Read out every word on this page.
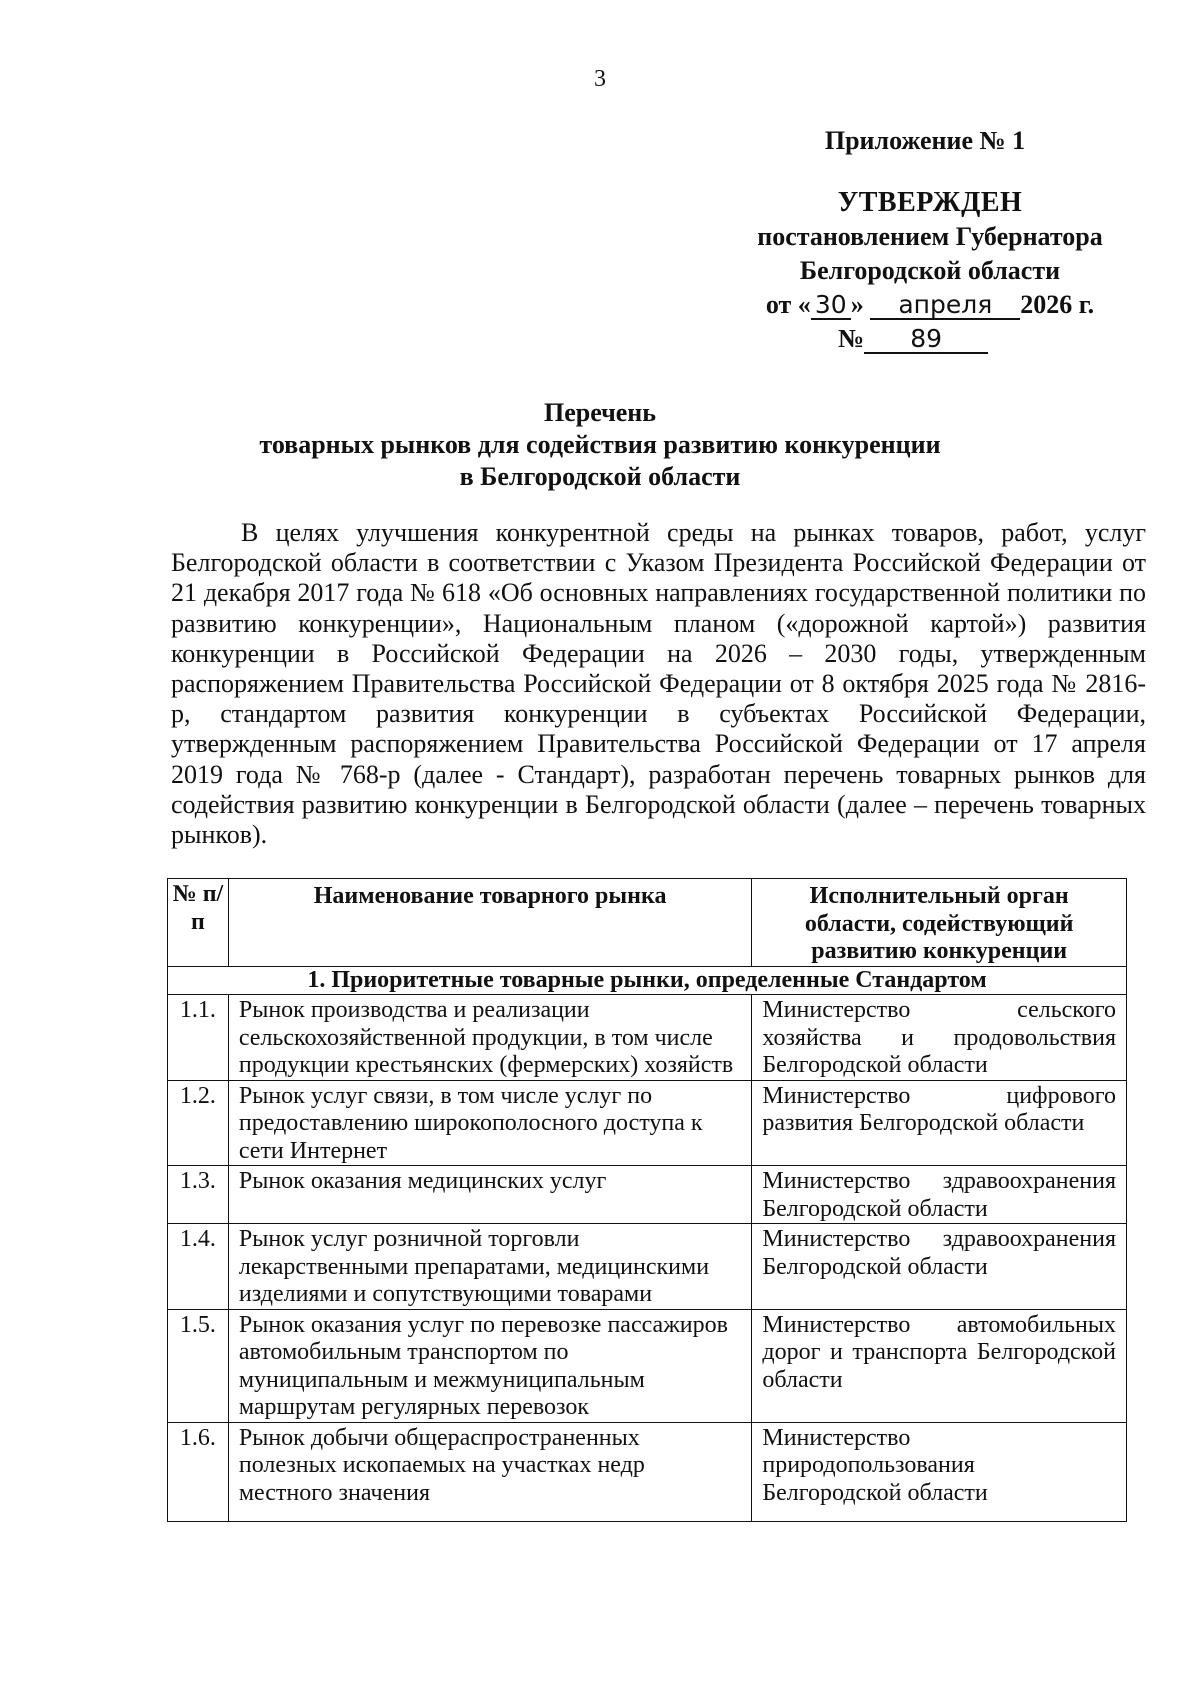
3
Приложение № 1
УТВЕРЖДЕН
постановлением Губернатора
Белгородской области
от « 30 » апреля 2026 г.
№ 89
Перечень
товарных рынков для содействия развитию конкуренции
в Белгородской области

В целях улучшения конкурентной среды на рынках товаров, работ, услуг Белгородской области в соответствии с Указом Президента Российской Федерации от 21 декабря 2017 года № 618 «Об основных направлениях государственной политики по развитию конкуренции», Национальным планом («дорожной картой») развития конкуренции в Российской Федерации на 2026 – 2030 годы, утвержденным распоряжением Правительства Российской Федерации от 8 октября 2025 года № 2816-р, стандартом развития конкуренции в субъектах Российской Федерации, утвержденным распоряжением Правительства Российской Федерации от 17 апреля 2019 года № 768-р (далее - Стандарт), разработан перечень товарных рынков для содействия развитию конкуренции в Белгородской области (далее – перечень товарных рынков).

№ п/п	Наименование товарного рынка	Исполнительный орган области, содействующий развитию конкуренции
1. Приоритетные товарные рынки, определенные Стандартом		
1.1.	Рынок производства и реализации сельскохозяйственной продукции, в том числе продукции крестьянских (фермерских) хозяйств	Министерство сельского хозяйства и продовольствия Белгородской области
1.2.	Рынок услуг связи, в том числе услуг по предоставлению широкополосного доступа к сети Интернет	Министерство цифрового развития Белгородской области
1.3.	Рынок оказания медицинских услуг	Министерство здравоохранения Белгородской области
1.4.	Рынок услуг розничной торговли лекарственными препаратами, медицинскими изделиями и сопутствующими товарами	Министерство здравоохранения Белгородской области
1.5.	Рынок оказания услуг по перевозке пассажиров автомобильным транспортом по муниципальным и межмуниципальным маршрутам регулярных перевозок	Министерство автомобильных дорог и транспорта Белгородской области
1.6.	Рынок добычи общераспространенных полезных ископаемых на участках недр местного значения	Министерство природопользования Белгородской области
